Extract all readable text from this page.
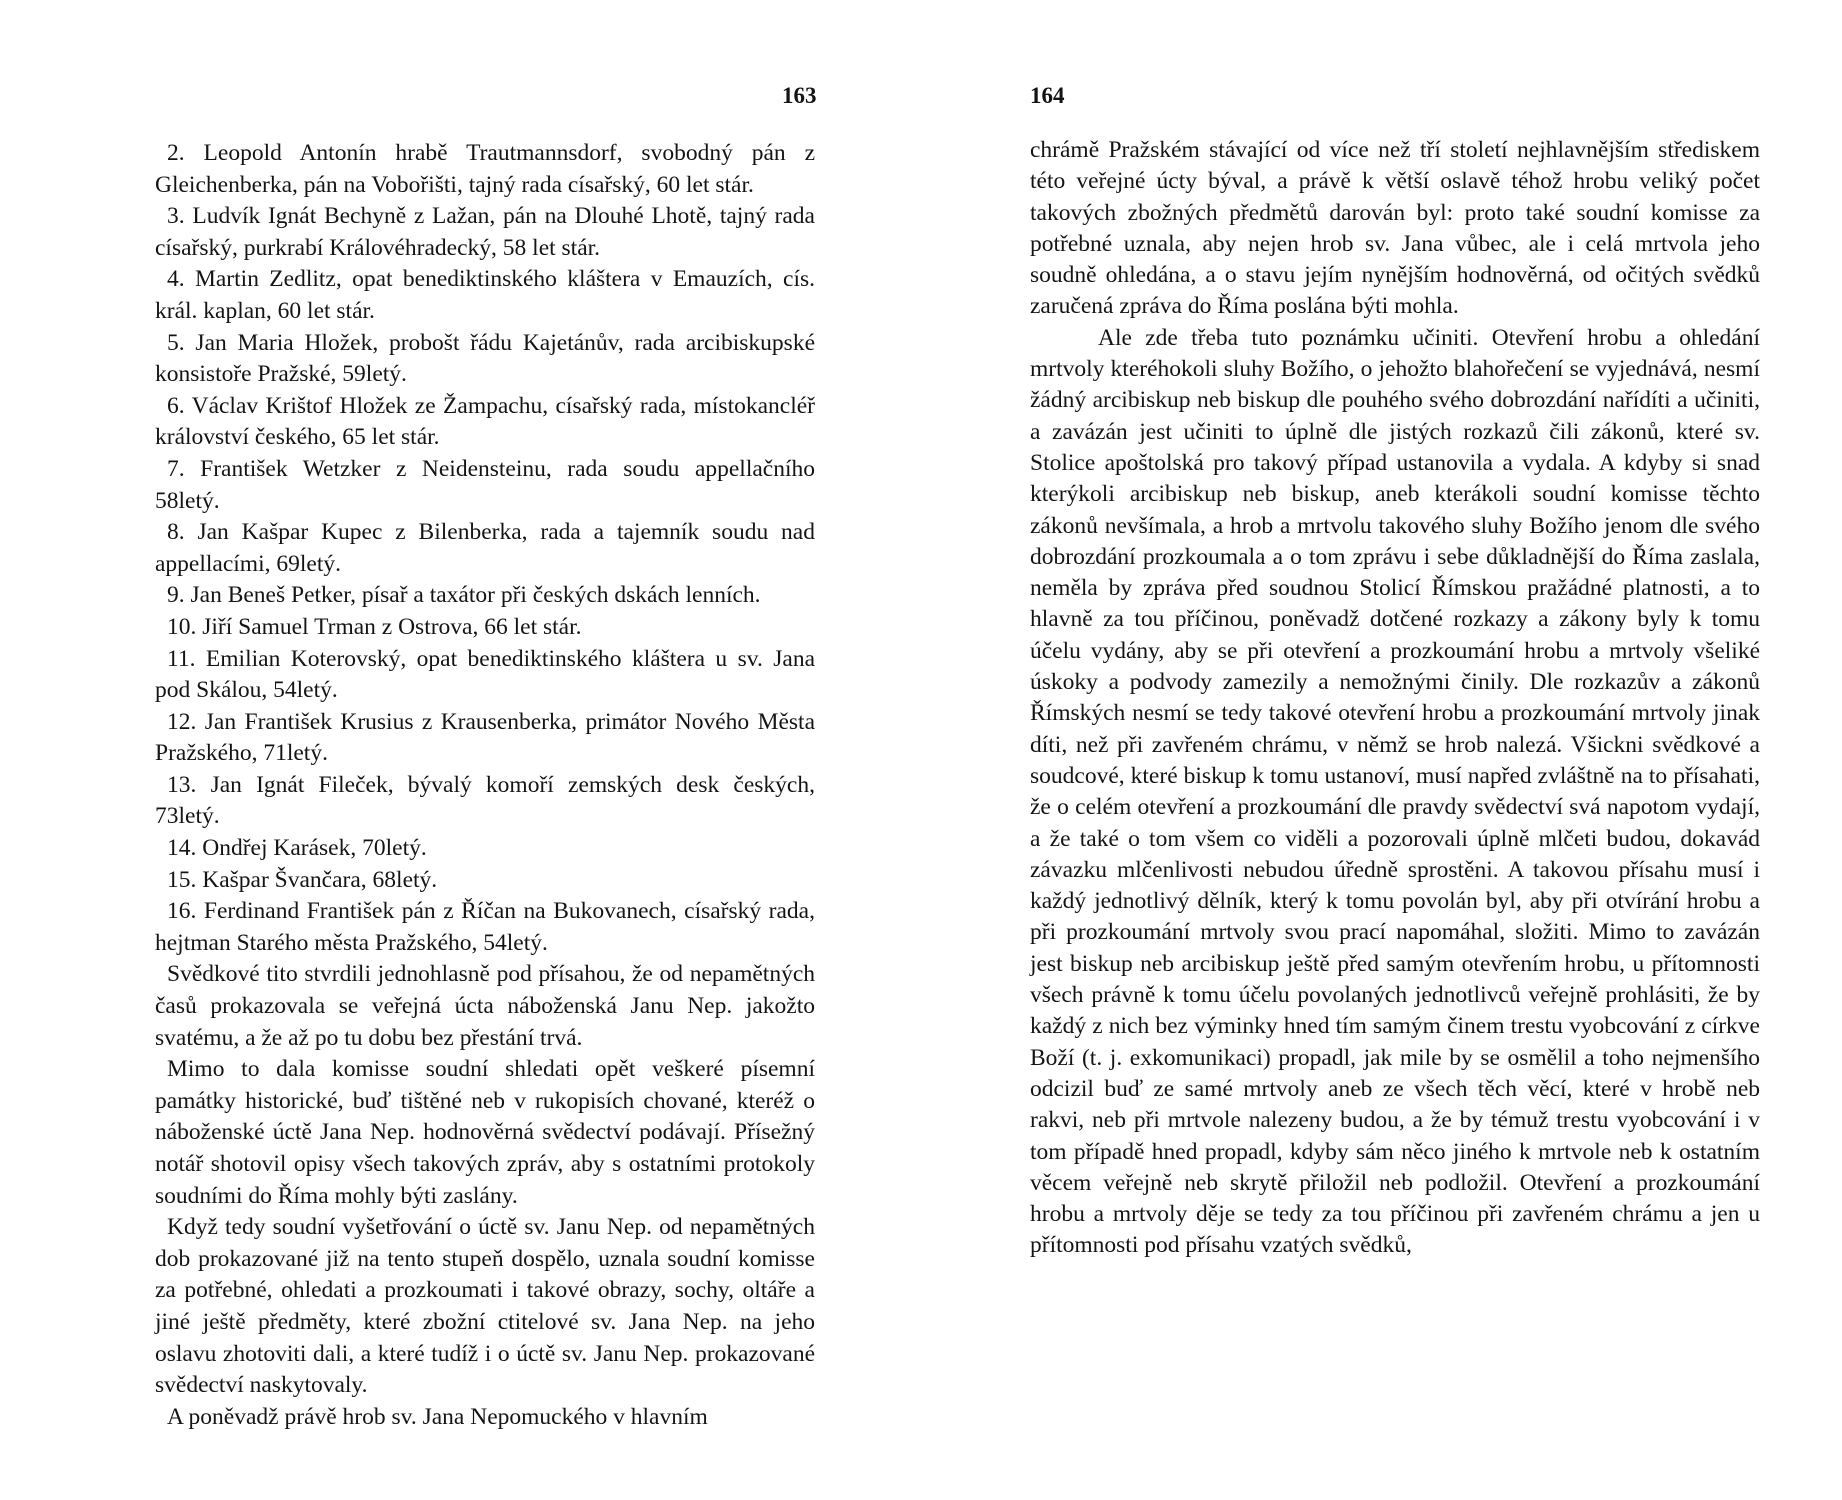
163

2. Leopold Antonín hrabě Trautmannsdorf, svobodný pán z Gleichenberka, pán na Vobořišti, tajný rada císařský, 60 let stár.

3. Ludvík Ignát Bechyně z Lažan, pán na Dlouhé Lhotě, tajný rada císařský, purkrabí Královéhradecký, 58 let stár.

4. Martin Zedlitz, opat benediktinského kláštera v Emauzích, cís. král. kaplan, 60 let stár.

5. Jan Maria Hložek, probošt řádu Kajetánův, rada arcibiskupské konsistoře Pražské, 59letý.

6. Václav Krištof Hložek ze Žampachu, císařský rada, místokancléř království českého, 65 let stár.

7. František Wetzker z Neidensteinu, rada soudu appellačního 58letý.

8. Jan Kašpar Kupec z Bilenberka, rada a tajemník soudu nad appellacími, 69letý.

9. Jan Beneš Petker, písař a taxátor při českých dskách lenních.

10. Jiří Samuel Trman z Ostrova, 66 let stár.

11. Emilian Koterovský, opat benediktinského kláštera u sv. Jana pod Skálou, 54letý.

12. Jan František Krusius z Krausenberka, primátor Nového Města Pražského, 71letý.

13. Jan Ignát Fileček, bývalý komoří zemských desk českých, 73letý.

14. Ondřej Karásek, 70letý.

15. Kašpar Švančara, 68letý.

16. Ferdinand František pán z Říčan na Bukovanech, císařský rada, hejtman Starého města Pražského, 54letý.

Svědkové tito stvrdili jednohlasně pod přísahou, že od nepamětných časů prokazovala se veřejná úcta náboženská Janu Nep. jakožto svatému, a že až po tu dobu bez přestání trvá.

Mimo to dala komisse soudní shledati opět veškeré písemní památky historické, buď tištěné neb v rukopisích chované, kteréž o náboženské úctě Jana Nep. hodnověrná svědectví podávají. Přísežný notář shotovil opisy všech takových zpráv, aby s ostatními protokoly soudními do Říma mohly býti zaslány.

Když tedy soudní vyšetřování o úctě sv. Janu Nep. od nepamětných dob prokazované již na tento stupeň dospělo, uznala soudní komisse za potřebné, ohledati a prozkoumati i takové obrazy, sochy, oltáře a jiné ještě předměty, které zbožní ctitelové sv. Jana Nep. na jeho oslavu zhotoviti dali, a které tudíž i o úctě sv. Janu Nep. prokazované svědectví naskytovaly.

A poněvadž právě hrob sv. Jana Nepomuckého v hlavním

164

chrámě Pražském stávající od více než tří století nejhlavnějším střediskem této veřejné úcty býval, a právě k větší oslavě téhož hrobu veliký počet takových zbožných předmětů darován byl: proto také soudní komisse za potřebné uznala, aby nejen hrob sv. Jana vůbec, ale i celá mrtvola jeho soudně ohledána, a o stavu jejím nynějším hodnověrná, od očitých svědků zaručená zpráva do Říma poslána býti mohla.

Ale zde třeba tuto poznámku učiniti. Otevření hrobu a ohledání mrtvoly kteréhokoli sluhy Božího, o jehožto blahořečení se vyjednává, nesmí žádný arcibiskup neb biskup dle pouhého svého dobrozdání nařídíti a učiniti, a zavázán jest učiniti to úplně dle jistých rozkazů čili zákonů, které sv. Stolice apoštolská pro takový případ ustanovila a vydala. A kdyby si snad kterýkoli arcibiskup neb biskup, aneb kterákoli soudní komisse těchto zákonů nevšímala, a hrob a mrtvolu takového sluhy Božího jenom dle svého dobrozdání prozkoumala a o tom zprávu i sebe důkladnější do Říma zaslala, neměla by zpráva před soudnou Stolicí Římskou pražádné platnosti, a to hlavně za tou příčinou, poněvadž dotčené rozkazy a zákony byly k tomu účelu vydány, aby se při otevření a prozkoumání hrobu a mrtvoly všeliké úskoky a podvody zamezily a nemožnými činily. Dle rozkazův a zákonů Římských nesmí se tedy takové otevření hrobu a prozkoumání mrtvoly jinak díti, než při zavřeném chrámu, v němž se hrob nalezá. Všickni svědkové a soudcové, které biskup k tomu ustanoví, musí napřed zvláštně na to přísahati, že o celém otevření a prozkoumání dle pravdy svědectví svá napotom vydají, a že také o tom všem co viděli a pozorovali úplně mlčeti budou, dokavád závazku mlčenlivosti nebudou úředně sprostěni. A takovou přísahu musí i každý jednotlivý dělník, který k tomu povolán byl, aby při otvírání hrobu a při prozkoumání mrtvoly svou prací napomáhal, složiti. Mimo to zavázán jest biskup neb arcibiskup ještě před samým otevřením hrobu, u přítomnosti všech právně k tomu účelu povolaných jednotlivců veřejně prohlásiti, že by každý z nich bez výminky hned tím samým činem trestu vyobcování z církve Boží (t. j. exkomunikaci) propadl, jak mile by se osmělil a toho nejmenšího odcizil buď ze samé mrtvoly aneb ze všech těch věcí, které v hrobě neb rakvi, neb při mrtvole nalezeny budou, a že by témuž trestu vyobcování i v tom případě hned propadl, kdyby sám něco jiného k mrtvole neb k ostatním věcem veřejně neb skrytě přiložil neb podložil. Otevření a prozkoumání hrobu a mrtvoly děje se tedy za tou příčinou při zavřeném chrámu a jen u přítomnosti pod přísahu vzatých svědků,
